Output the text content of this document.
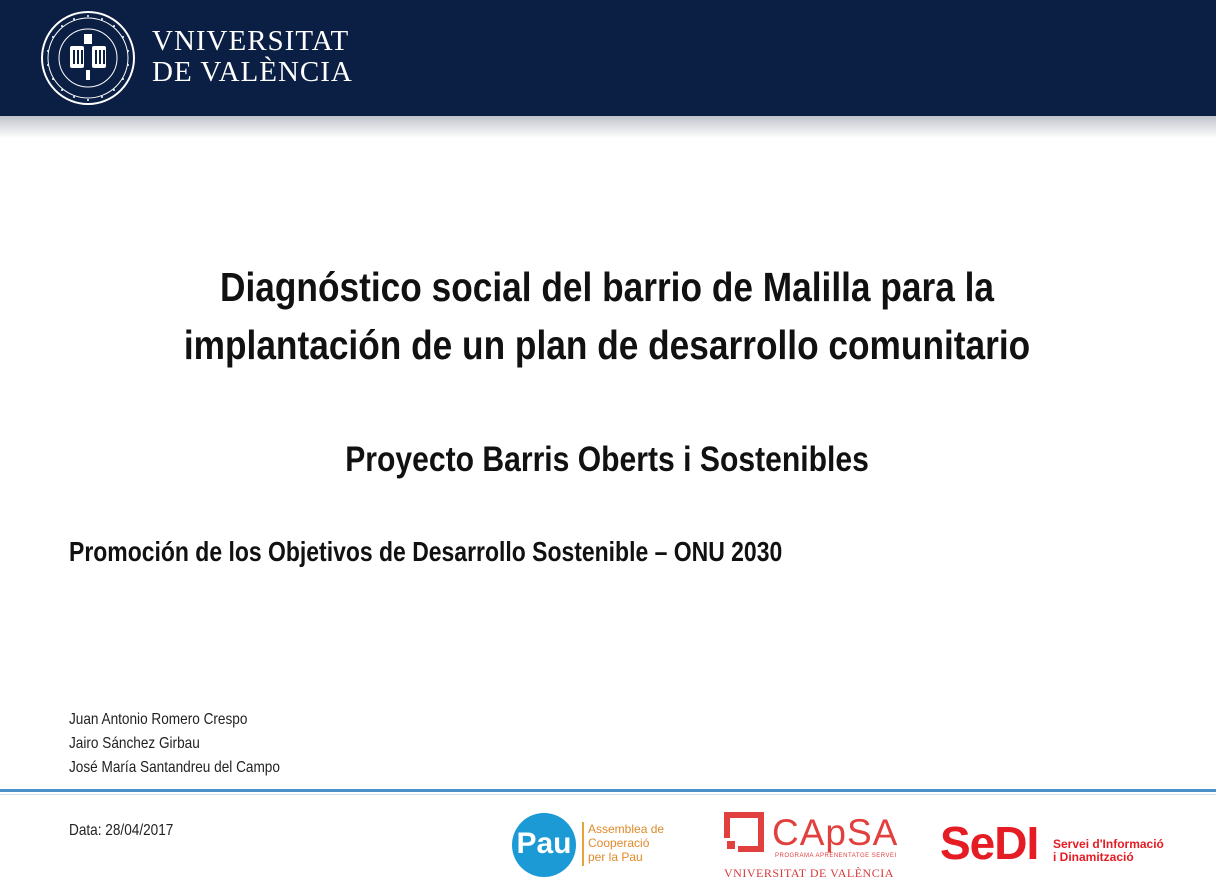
VNIVERSITAT
DE VALÈNCIA
Diagnóstico social del barrio de Malilla para la
implantación de un plan de desarrollo comunitario
Proyecto Barris Oberts i Sostenibles
Promoción de los Objetivos de Desarrollo Sostenible – ONU 2030
Juan Antonio Romero Crespo
Jairo Sánchez Girbau
José María Santandreu del Campo
Data: 28/04/2017	Pau	Assemblea de
Cooperació
per la Pau
CApSA
PROGRAMA APRENENTATGE SERVEI
VNIVERSITAT DE VALÈNCIA
SeDI Servei d'Informació
i Dinamització
